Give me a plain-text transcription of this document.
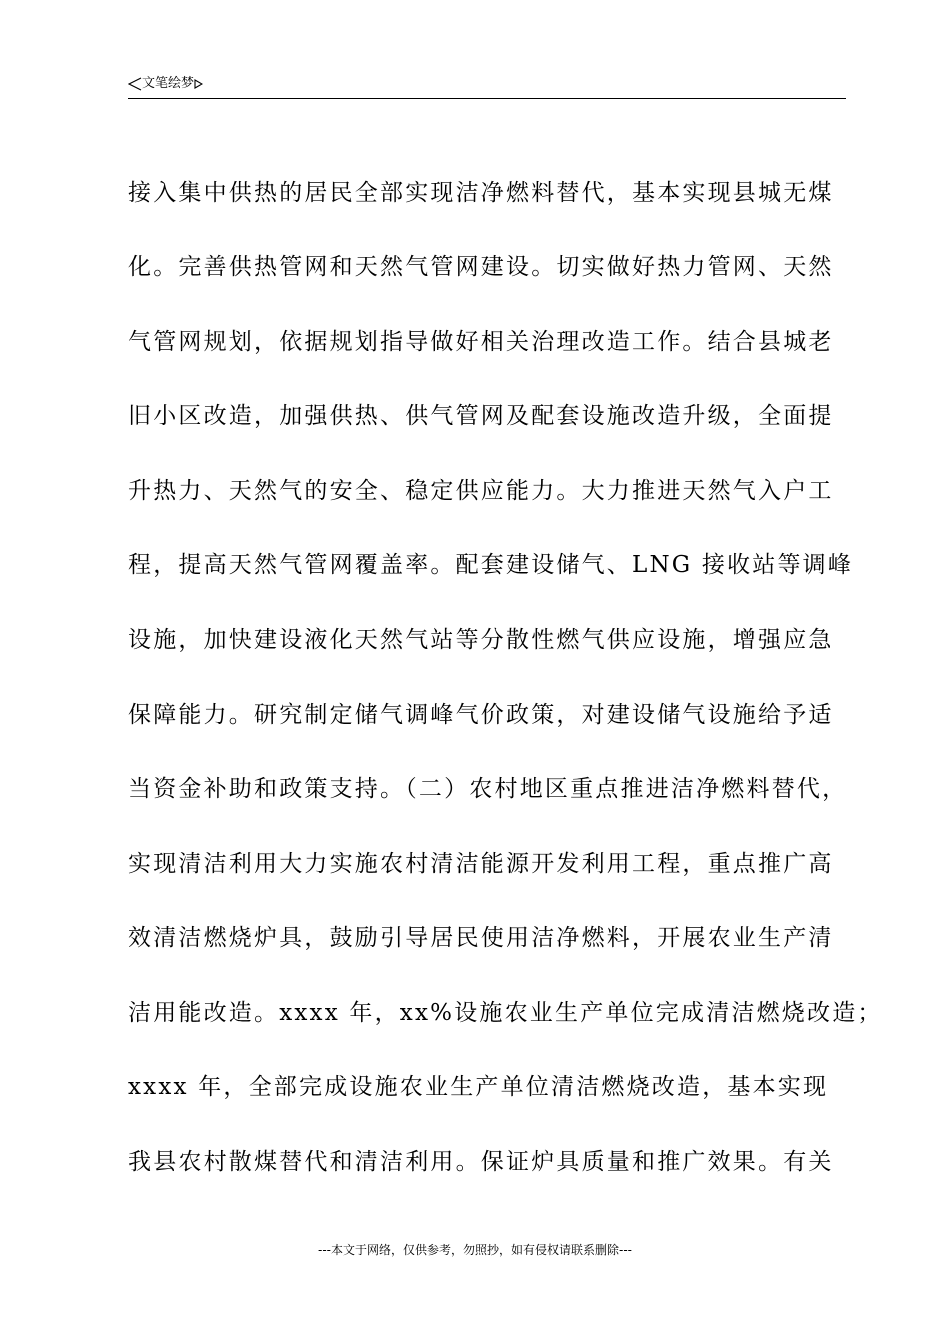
文笔绘梦
接入集中供热的居民全部实现洁净燃料替代，基本实现县城无煤
化。完善供热管网和天然气管网建设。切实做好热力管网、天然
气管网规划，依据规划指导做好相关治理改造工作。结合县城老
旧小区改造，加强供热、供气管网及配套设施改造升级，全面提
升热力、天然气的安全、稳定供应能力。大力推进天然气入户工
程，提高天然气管网覆盖率。配套建设储气、LNG 接收站等调峰
设施，加快建设液化天然气站等分散性燃气供应设施，增强应急
保障能力。研究制定储气调峰气价政策，对建设储气设施给予适
当资金补助和政策支持。（二）农村地区重点推进洁净燃料替代，
实现清洁利用大力实施农村清洁能源开发利用工程，重点推广高
效清洁燃烧炉具，鼓励引导居民使用洁净燃料，开展农业生产清
洁用能改造。xxxx 年，xx%设施农业生产单位完成清洁燃烧改造；
xxxx 年，全部完成设施农业生产单位清洁燃烧改造，基本实现
我县农村散煤替代和清洁利用。保证炉具质量和推广效果。有关
---本文于网络，仅供参考，勿照抄，如有侵权请联系删除---
